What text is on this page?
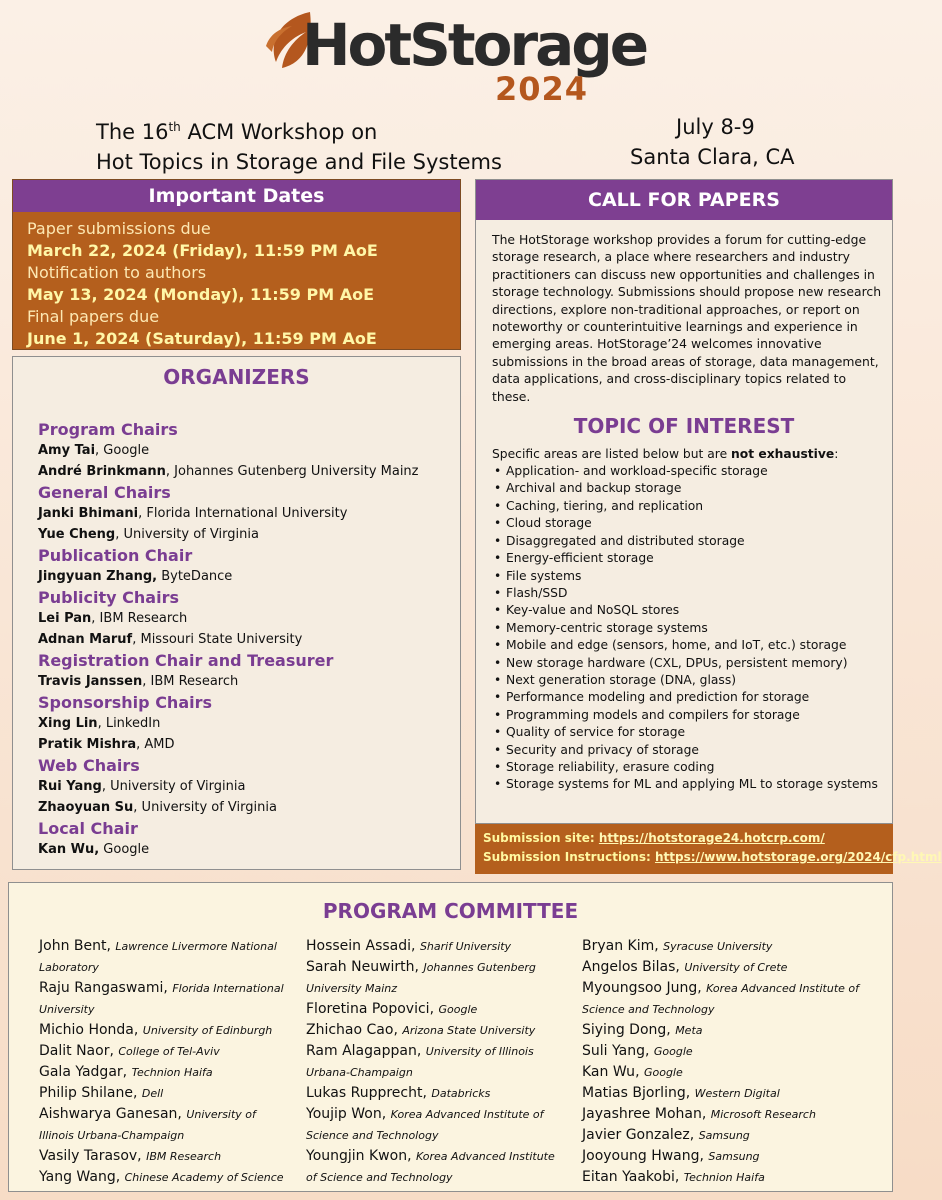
HotStorage
2024
The 16th ACM Workshop on
Hot Topics in Storage and File Systems
July 8-9
Santa Clara, CA
Important Dates
Paper submissions due
March 22, 2024 (Friday), 11:59 PM AoE
Notification to authors
May 13, 2024 (Monday), 11:59 PM AoE
Final papers due
June 1, 2024 (Saturday), 11:59 PM AoE
ORGANIZERS
Program Chairs
Amy Tai, Google
André Brinkmann, Johannes Gutenberg University Mainz
General Chairs
Janki Bhimani, Florida International University
Yue Cheng, University of Virginia
Publication Chair
Jingyuan Zhang, ByteDance
Publicity Chairs
Lei Pan, IBM Research
Adnan Maruf, Missouri State University
Registration Chair and Treasurer
Travis Janssen, IBM Research
Sponsorship Chairs
Xing Lin, LinkedIn
Pratik Mishra, AMD
Web Chairs
Rui Yang, University of Virginia
Zhaoyuan Su, University of Virginia
Local Chair
Kan Wu, Google
CALL FOR PAPERS
The HotStorage workshop provides a forum for cutting-edge storage research, a place where researchers and industry practitioners can discuss new opportunities and challenges in storage technology. Submissions should propose new research directions, explore non-traditional approaches, or report on noteworthy or counterintuitive learnings and experience in emerging areas. HotStorage’24 welcomes innovative submissions in the broad areas of storage, data management, data applications, and cross-disciplinary topics related to these.
TOPIC OF INTEREST
Specific areas are listed below but are not exhaustive:
• Application- and workload-specific storage
• Archival and backup storage
• Caching, tiering, and replication
• Cloud storage
• Disaggregated and distributed storage
• Energy-efficient storage
• File systems
• Flash/SSD
• Key-value and NoSQL stores
• Memory-centric storage systems
• Mobile and edge (sensors, home, and IoT, etc.) storage
• New storage hardware (CXL, DPUs, persistent memory)
• Next generation storage (DNA, glass)
• Performance modeling and prediction for storage
• Programming models and compilers for storage
• Quality of service for storage
• Security and privacy of storage
• Storage reliability, erasure coding
• Storage systems for ML and applying ML to storage systems
Submission site: https://hotstorage24.hotcrp.com/
Submission Instructions: https://www.hotstorage.org/2024/cfp.html
PROGRAM COMMITTEE
John Bent, Lawrence Livermore National Laboratory
Raju Rangaswami, Florida International University
Michio Honda, University of Edinburgh
Dalit Naor, College of Tel-Aviv
Gala Yadgar, Technion Haifa
Philip Shilane, Dell
Aishwarya Ganesan, University of Illinois Urbana-Champaign
Vasily Tarasov, IBM Research
Yang Wang, Chinese Academy of Science
Hossein Assadi, Sharif University
Sarah Neuwirth, Johannes Gutenberg University Mainz
Floretina Popovici, Google
Zhichao Cao, Arizona State University
Ram Alagappan, University of Illinois Urbana-Champaign
Lukas Rupprecht, Databricks
Youjip Won, Korea Advanced Institute of Science and Technology
Youngjin Kwon, Korea Advanced Institute of Science and Technology
Bryan Kim, Syracuse University
Angelos Bilas, University of Crete
Myoungsoo Jung, Korea Advanced Institute of Science and Technology
Siying Dong, Meta
Suli Yang, Google
Kan Wu, Google
Matias Bjorling, Western Digital
Jayashree Mohan, Microsoft Research
Javier Gonzalez, Samsung
Jooyoung Hwang, Samsung
Eitan Yaakobi, Technion Haifa
